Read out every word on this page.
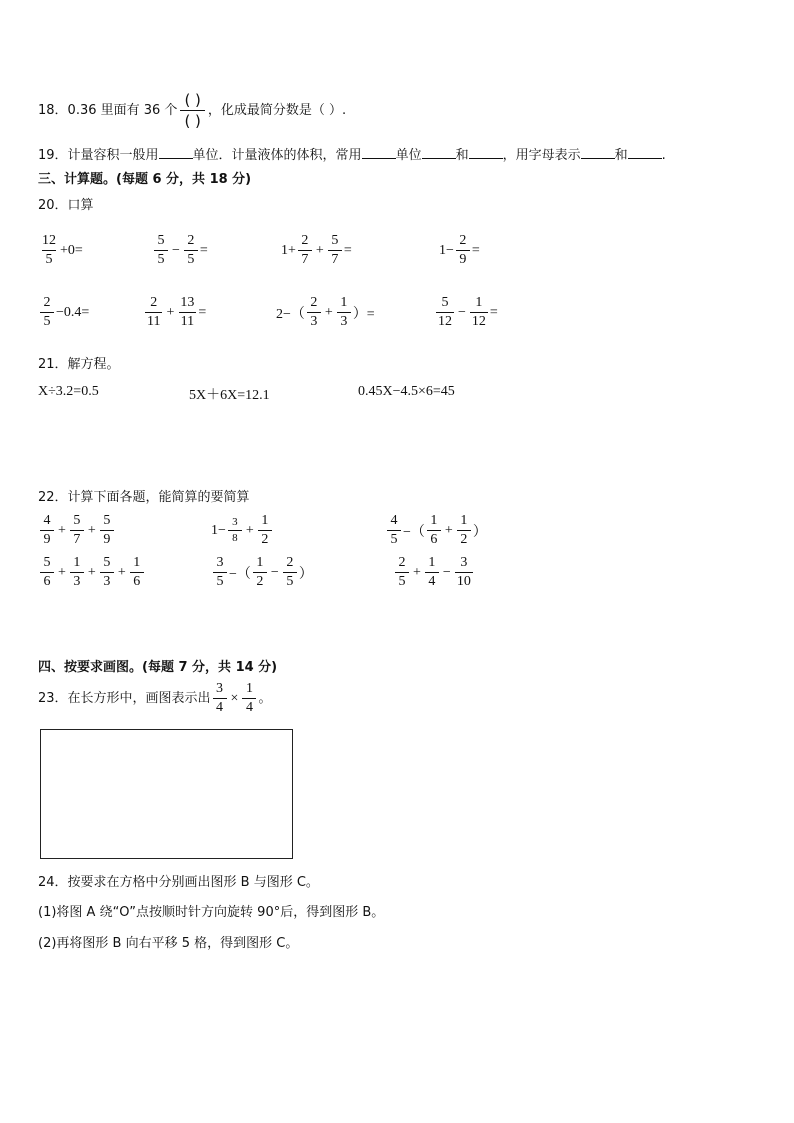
18．0.36 里面有 36 个 $\frac{( )}{( )}$ ，化成最简分数是（ ）.
19．计量容积一般用	单位．计量液体的体积，常用	单位	和	，用字母表示	和	.
三、计算题。(每题 6 分，共 18 分)
20．口算
$\frac{12}{5} +0=$	$\frac{5}{5} - \frac{2}{5}$ =	$1+ \frac{2}{7} + \frac{5}{7}$ =	$1- \frac{2}{9}$ =
$\frac{2}{5} -0.4=$	$\frac{2}{11} + \frac{13}{11}$ =	$2-( \frac{2}{3} + \frac{1}{3}$ ）=	$\frac{5}{12} - \frac{1}{12}$ =
21．解方程。
X÷3.2=0.5	5X＋6X=12.1	0.45X−4.5×6=45
22．计算下面各题，能简算的要简算
$\frac{4}{9} + \frac{5}{7} + \frac{5}{9}$	$1- \frac{3}{8} + \frac{1}{2}$	$\frac{4}{5}$ −（ $\frac{1}{6} + \frac{1}{2}$ ）
$\frac{5}{6} + \frac{1}{3} + \frac{5}{3} + \frac{1}{6}$	$\frac{3}{5}$ −（ $\frac{1}{2} - \frac{2}{5}$ ）	$\frac{2}{5} + \frac{1}{4} - \frac{3}{10}$
四、按要求画图。(每题 7 分，共 14 分)
23．在长方形中，画图表示出 $\frac{3}{4} \times \frac{1}{4}$ 。
24．按要求在方格中分别画出图形 B 与图形 C。
(1)将图 A 绕“O”点按顺时针方向旋转 90°后，得到图形 B。
(2)再将图形 B 向右平移 5 格，得到图形 C。
